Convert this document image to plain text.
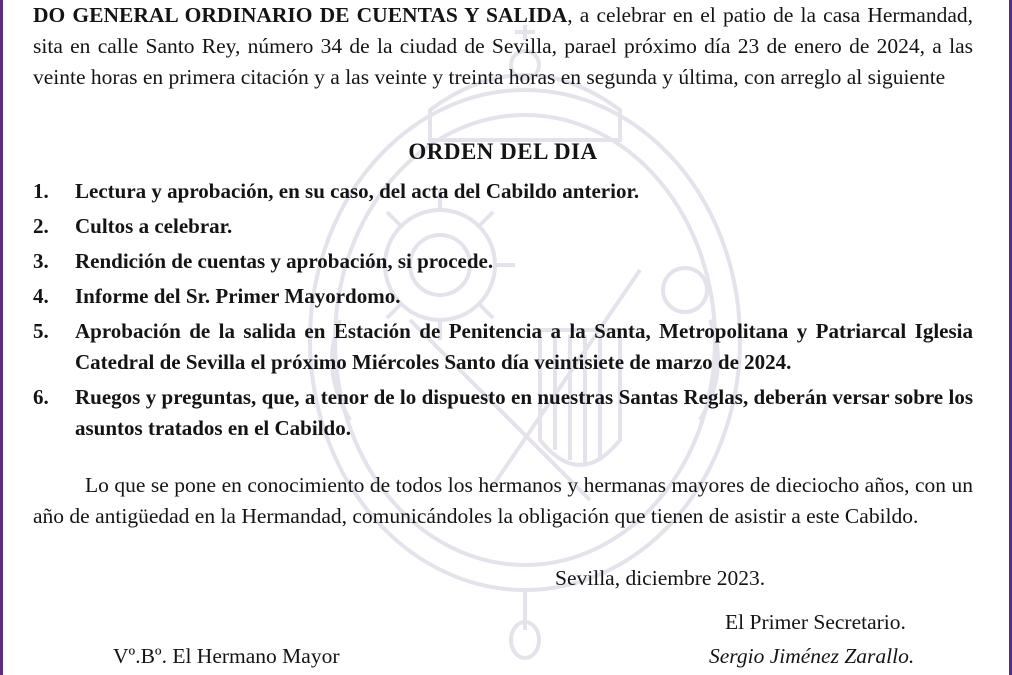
DO GENERAL ORDINARIO DE CUENTAS Y SALIDA, a celebrar en el patio de la casa Hermandad, sita en calle Santo Rey, número 34 de la ciudad de Sevilla, parael próximo día 23 de enero de 2024, a las veinte horas en primera citación y a las veinte y treinta horas en segunda y última, con arreglo al siguiente

ORDEN DEL DIA
1.	Lectura y aprobación, en su caso, del acta del Cabildo anterior.
2.	Cultos a celebrar.
3.	Rendición de cuentas y aprobación, si procede.
4.	Informe del Sr. Primer Mayordomo.
5.	Aprobación de la salida en Estación de Penitencia a la Santa, Metropolitana y Patriarcal Iglesia Catedral de Sevilla el próximo Miércoles Santo día veintisiete de marzo de 2024.
6.	Ruegos y preguntas, que, a tenor de lo dispuesto en nuestras Santas Reglas, deberán versar sobre los asuntos tratados en el Cabildo.

Lo que se pone en conocimiento de todos los hermanos y hermanas mayores de dieciocho años, con un año de antigüedad en la Hermandad, comunicándoles la obligación que tienen de asistir a este Cabildo.

Sevilla, diciembre 2023.
El Primer Secretario.
Vº.Bº. El Hermano Mayor	Sergio Jiménez Zarallo.
